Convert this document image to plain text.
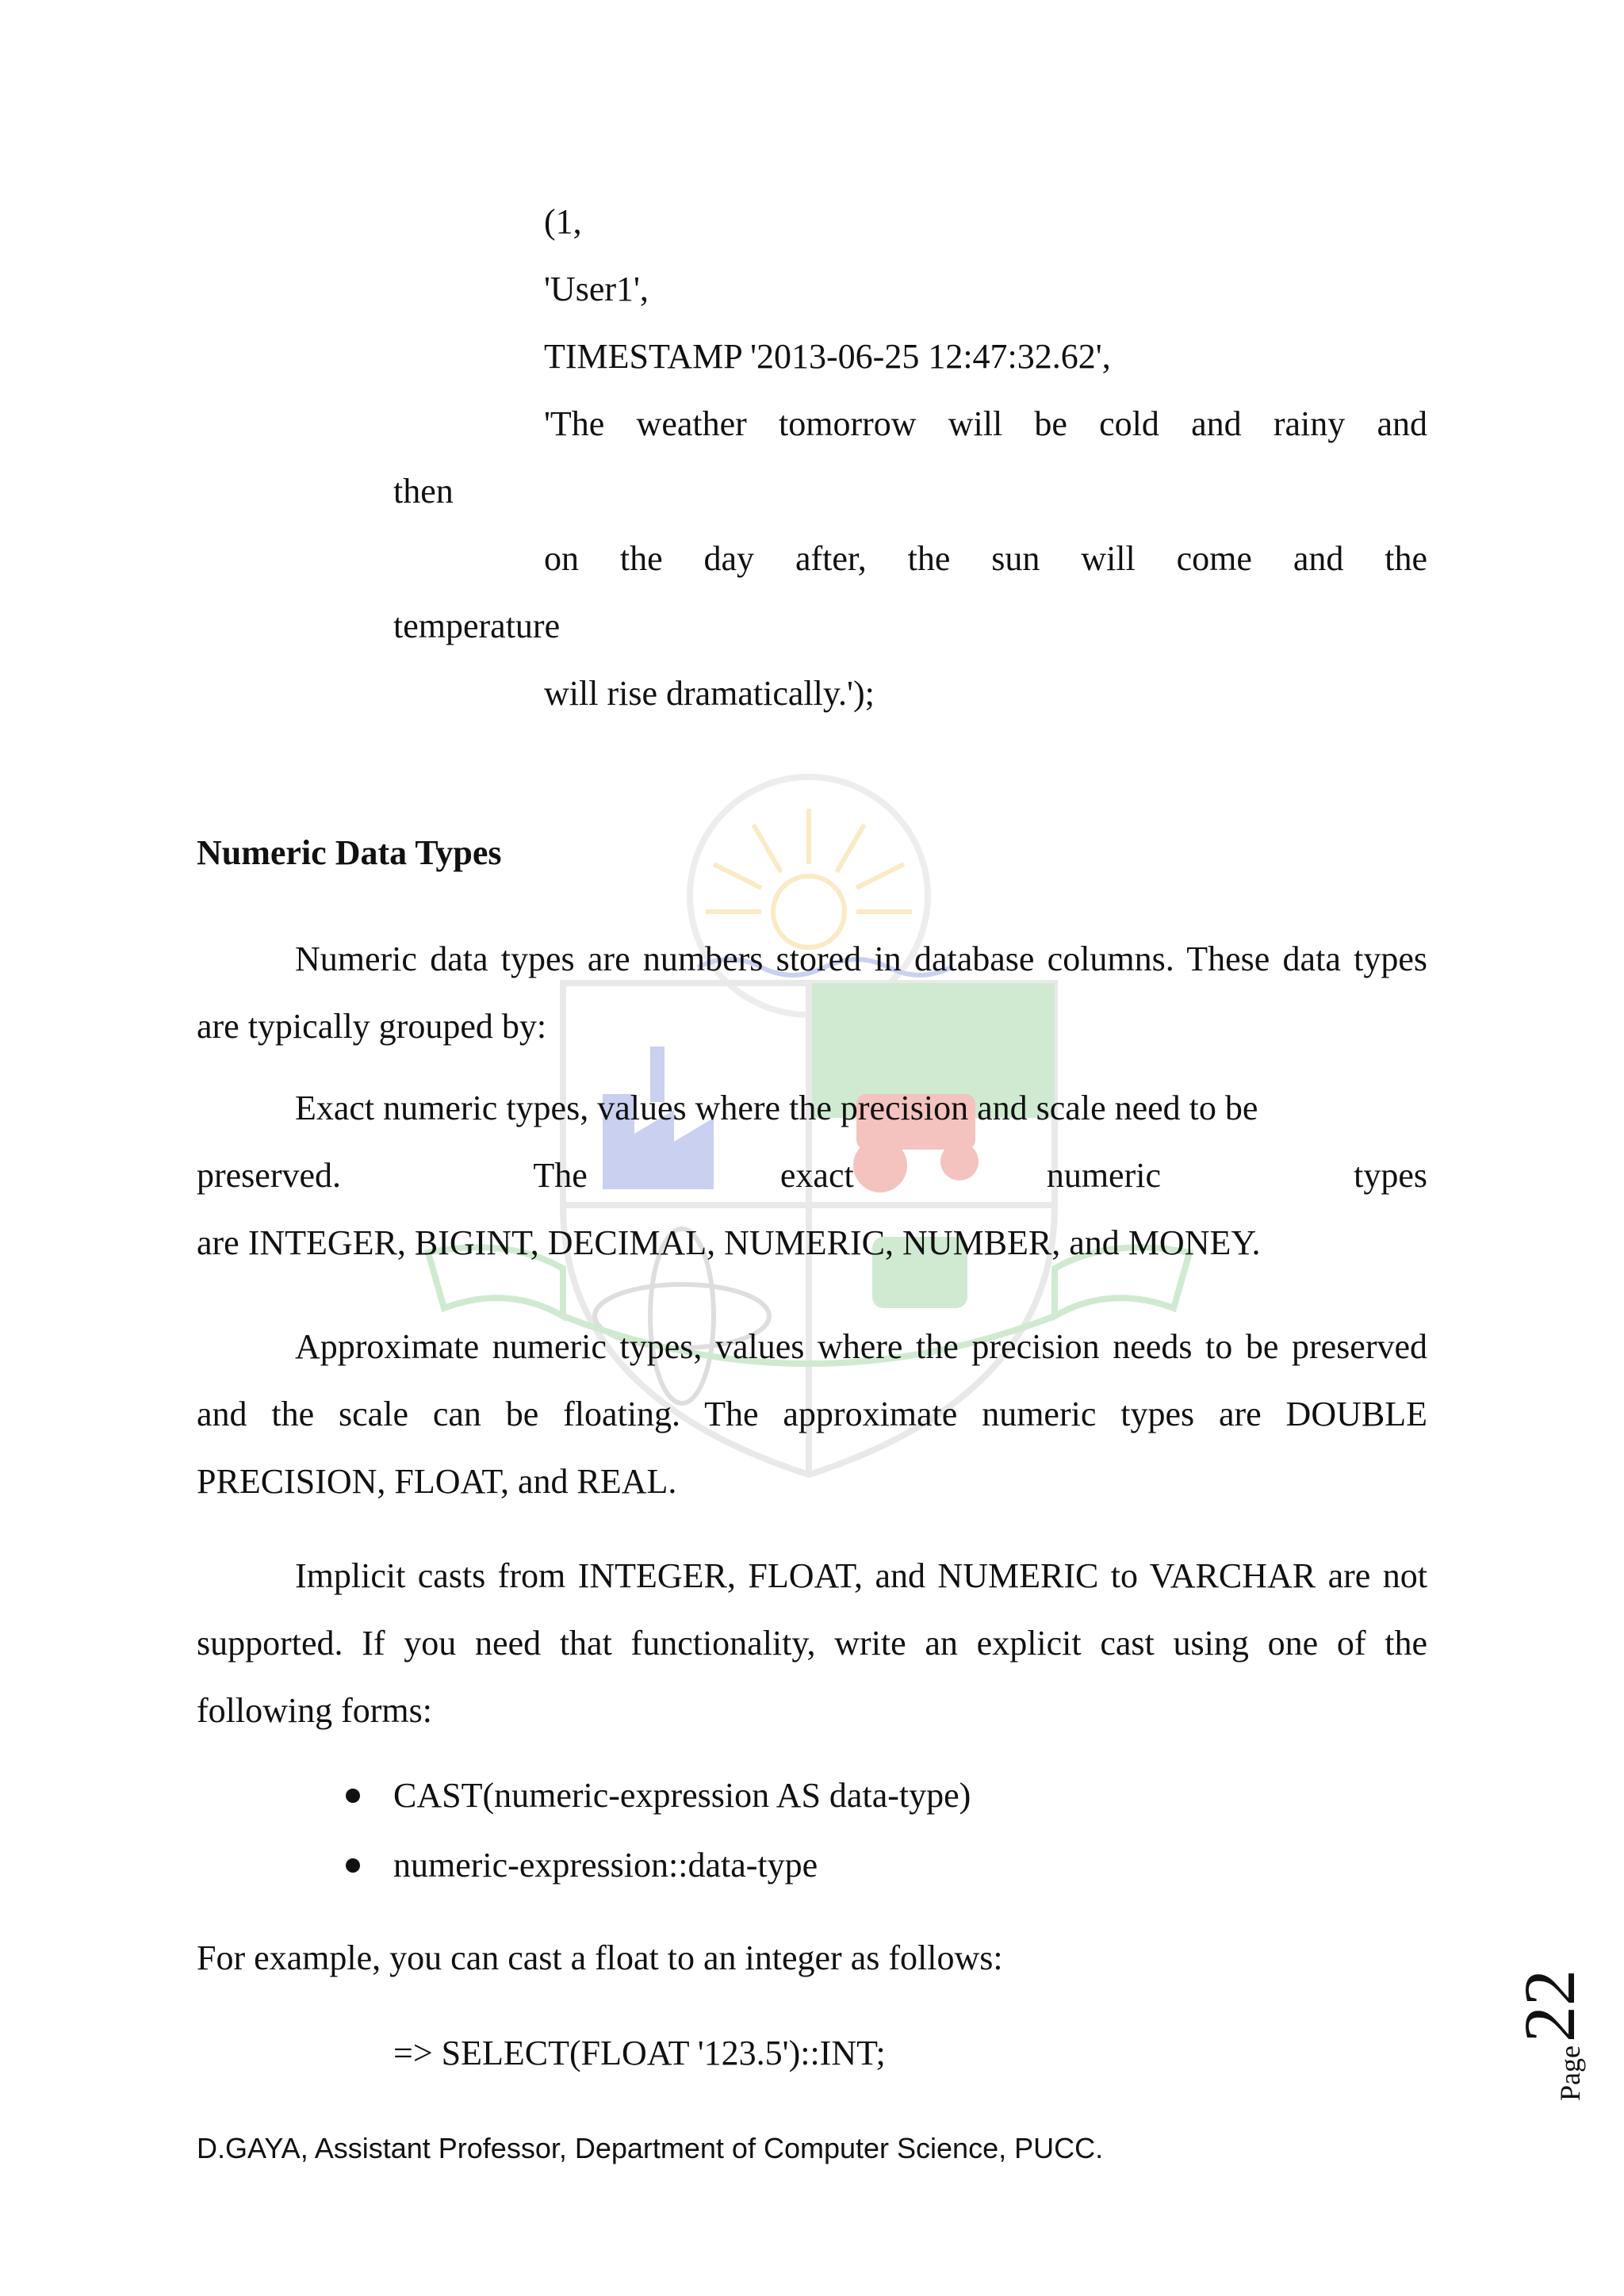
(1,
'User1',
TIMESTAMP '2013-06-25 12:47:32.62',
'The weather tomorrow will be cold and rainy and
then
on the day after, the sun will come and the
temperature
will rise dramatically.');
Numeric Data Types
Numeric data types are numbers stored in database columns. These data types are typically grouped by:
Exact numeric types, values where the precision and scale need to be
preserved. The exact numeric types
are INTEGER, BIGINT, DECIMAL, NUMERIC, NUMBER, and MONEY.
Approximate numeric types, values where the precision needs to be preserved and the scale can be floating. The approximate numeric types are DOUBLE PRECISION, FLOAT, and REAL.
Implicit casts from INTEGER, FLOAT, and NUMERIC to VARCHAR are not supported. If you need that functionality, write an explicit cast using one of the following forms:
CAST(numeric-expression AS data-type)
numeric-expression::data-type
For example, you can cast a float to an integer as follows:
=> SELECT(FLOAT '123.5')::INT;
D.GAYA, Assistant Professor, Department of Computer Science, PUCC.
Page
22
